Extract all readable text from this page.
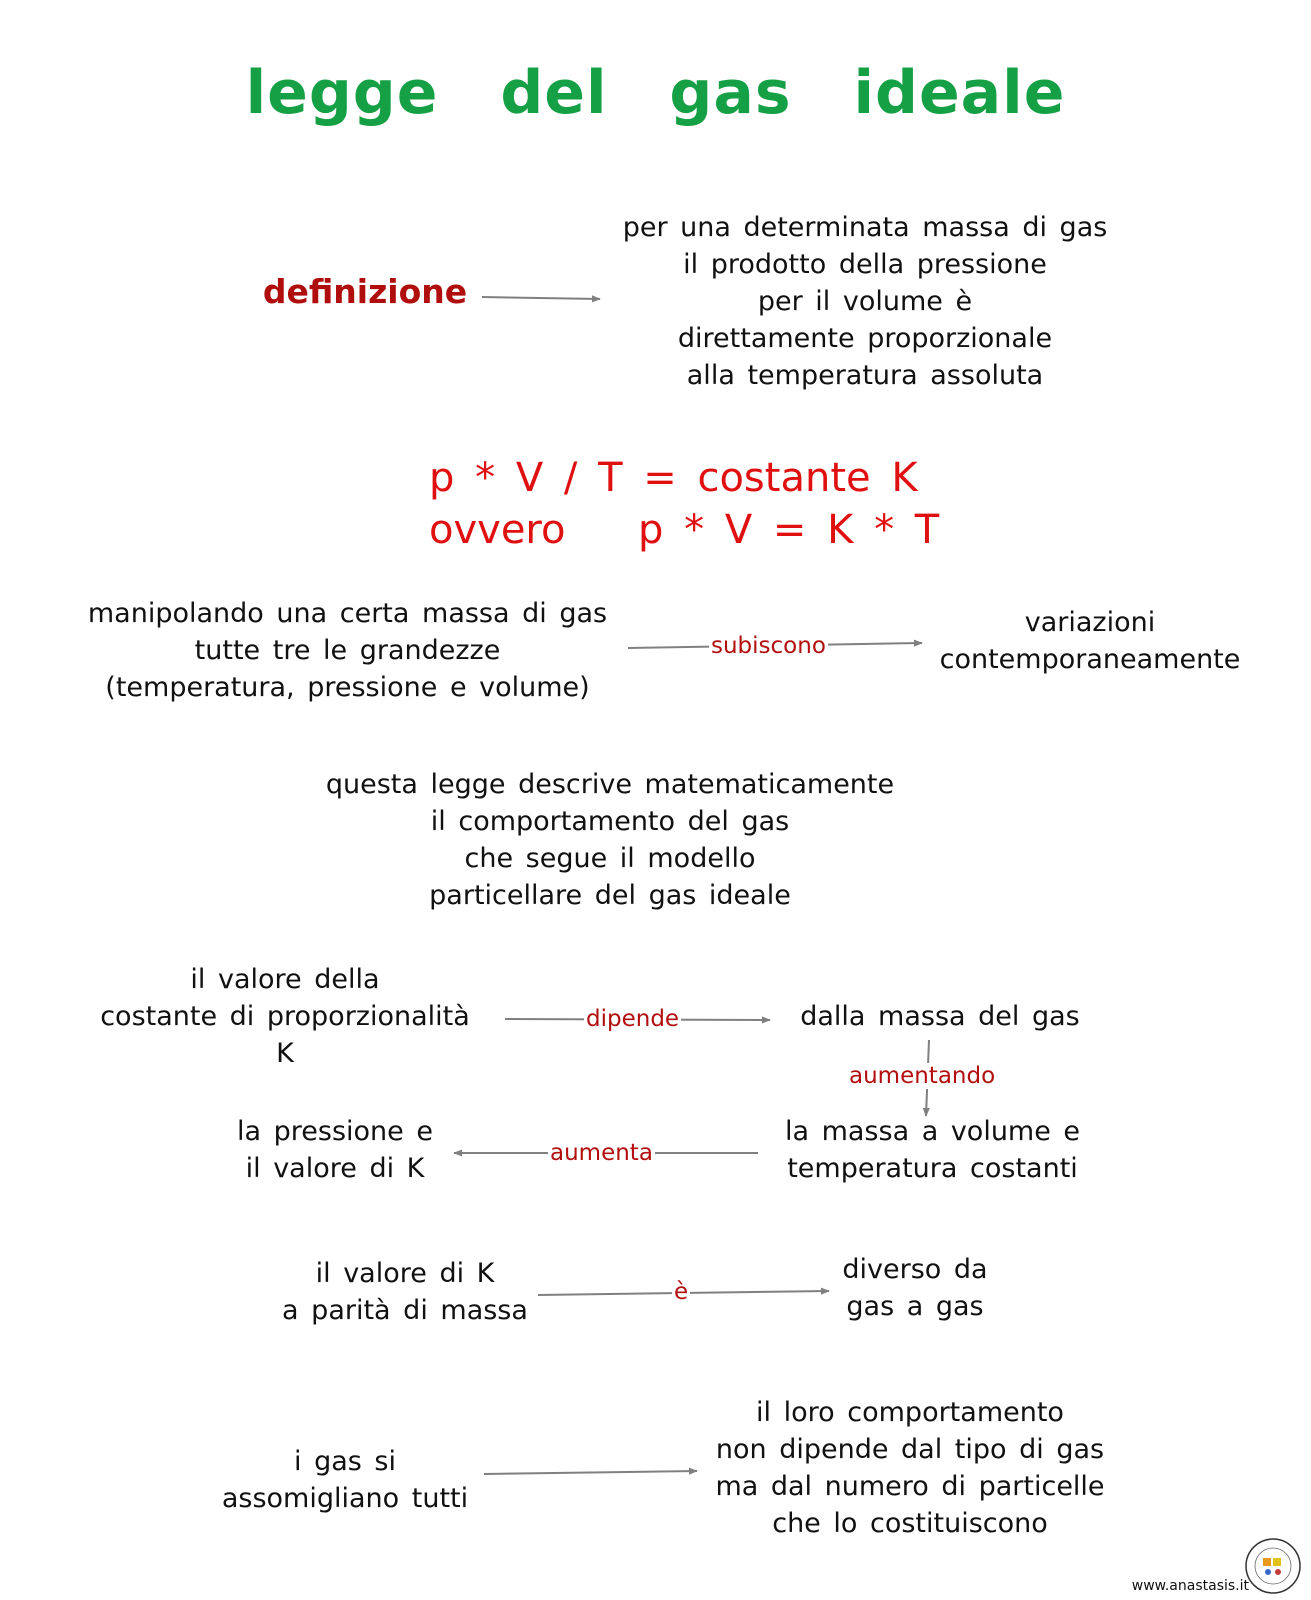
legge del gas ideale
definizione
per una determinata massa di gas
il prodotto della pressione
per il volume è
direttamente proporzionale
alla temperatura assoluta
p * V / T = costante K
ovvero p * V = K * T
manipolando una certa massa di gas
tutte tre le grandezze
(temperatura, pressione e volume)
subiscono
variazioni
contemporaneamente
questa legge descrive matematicamente
il comportamento del gas
che segue il modello
particellare del gas ideale
il valore della
costante di proporzionalità
K
dipende	dalla massa del gas
aumentando
la massa a volume e
temperatura costanti
aumenta
la pressione e
il valore di K
il valore di K
a parità di massa
è
diverso da
gas a gas
i gas si
assomigliano tutti
il loro comportamento
non dipende dal tipo di gas
ma dal numero di particelle
che lo costituiscono
www.anastasis.it
